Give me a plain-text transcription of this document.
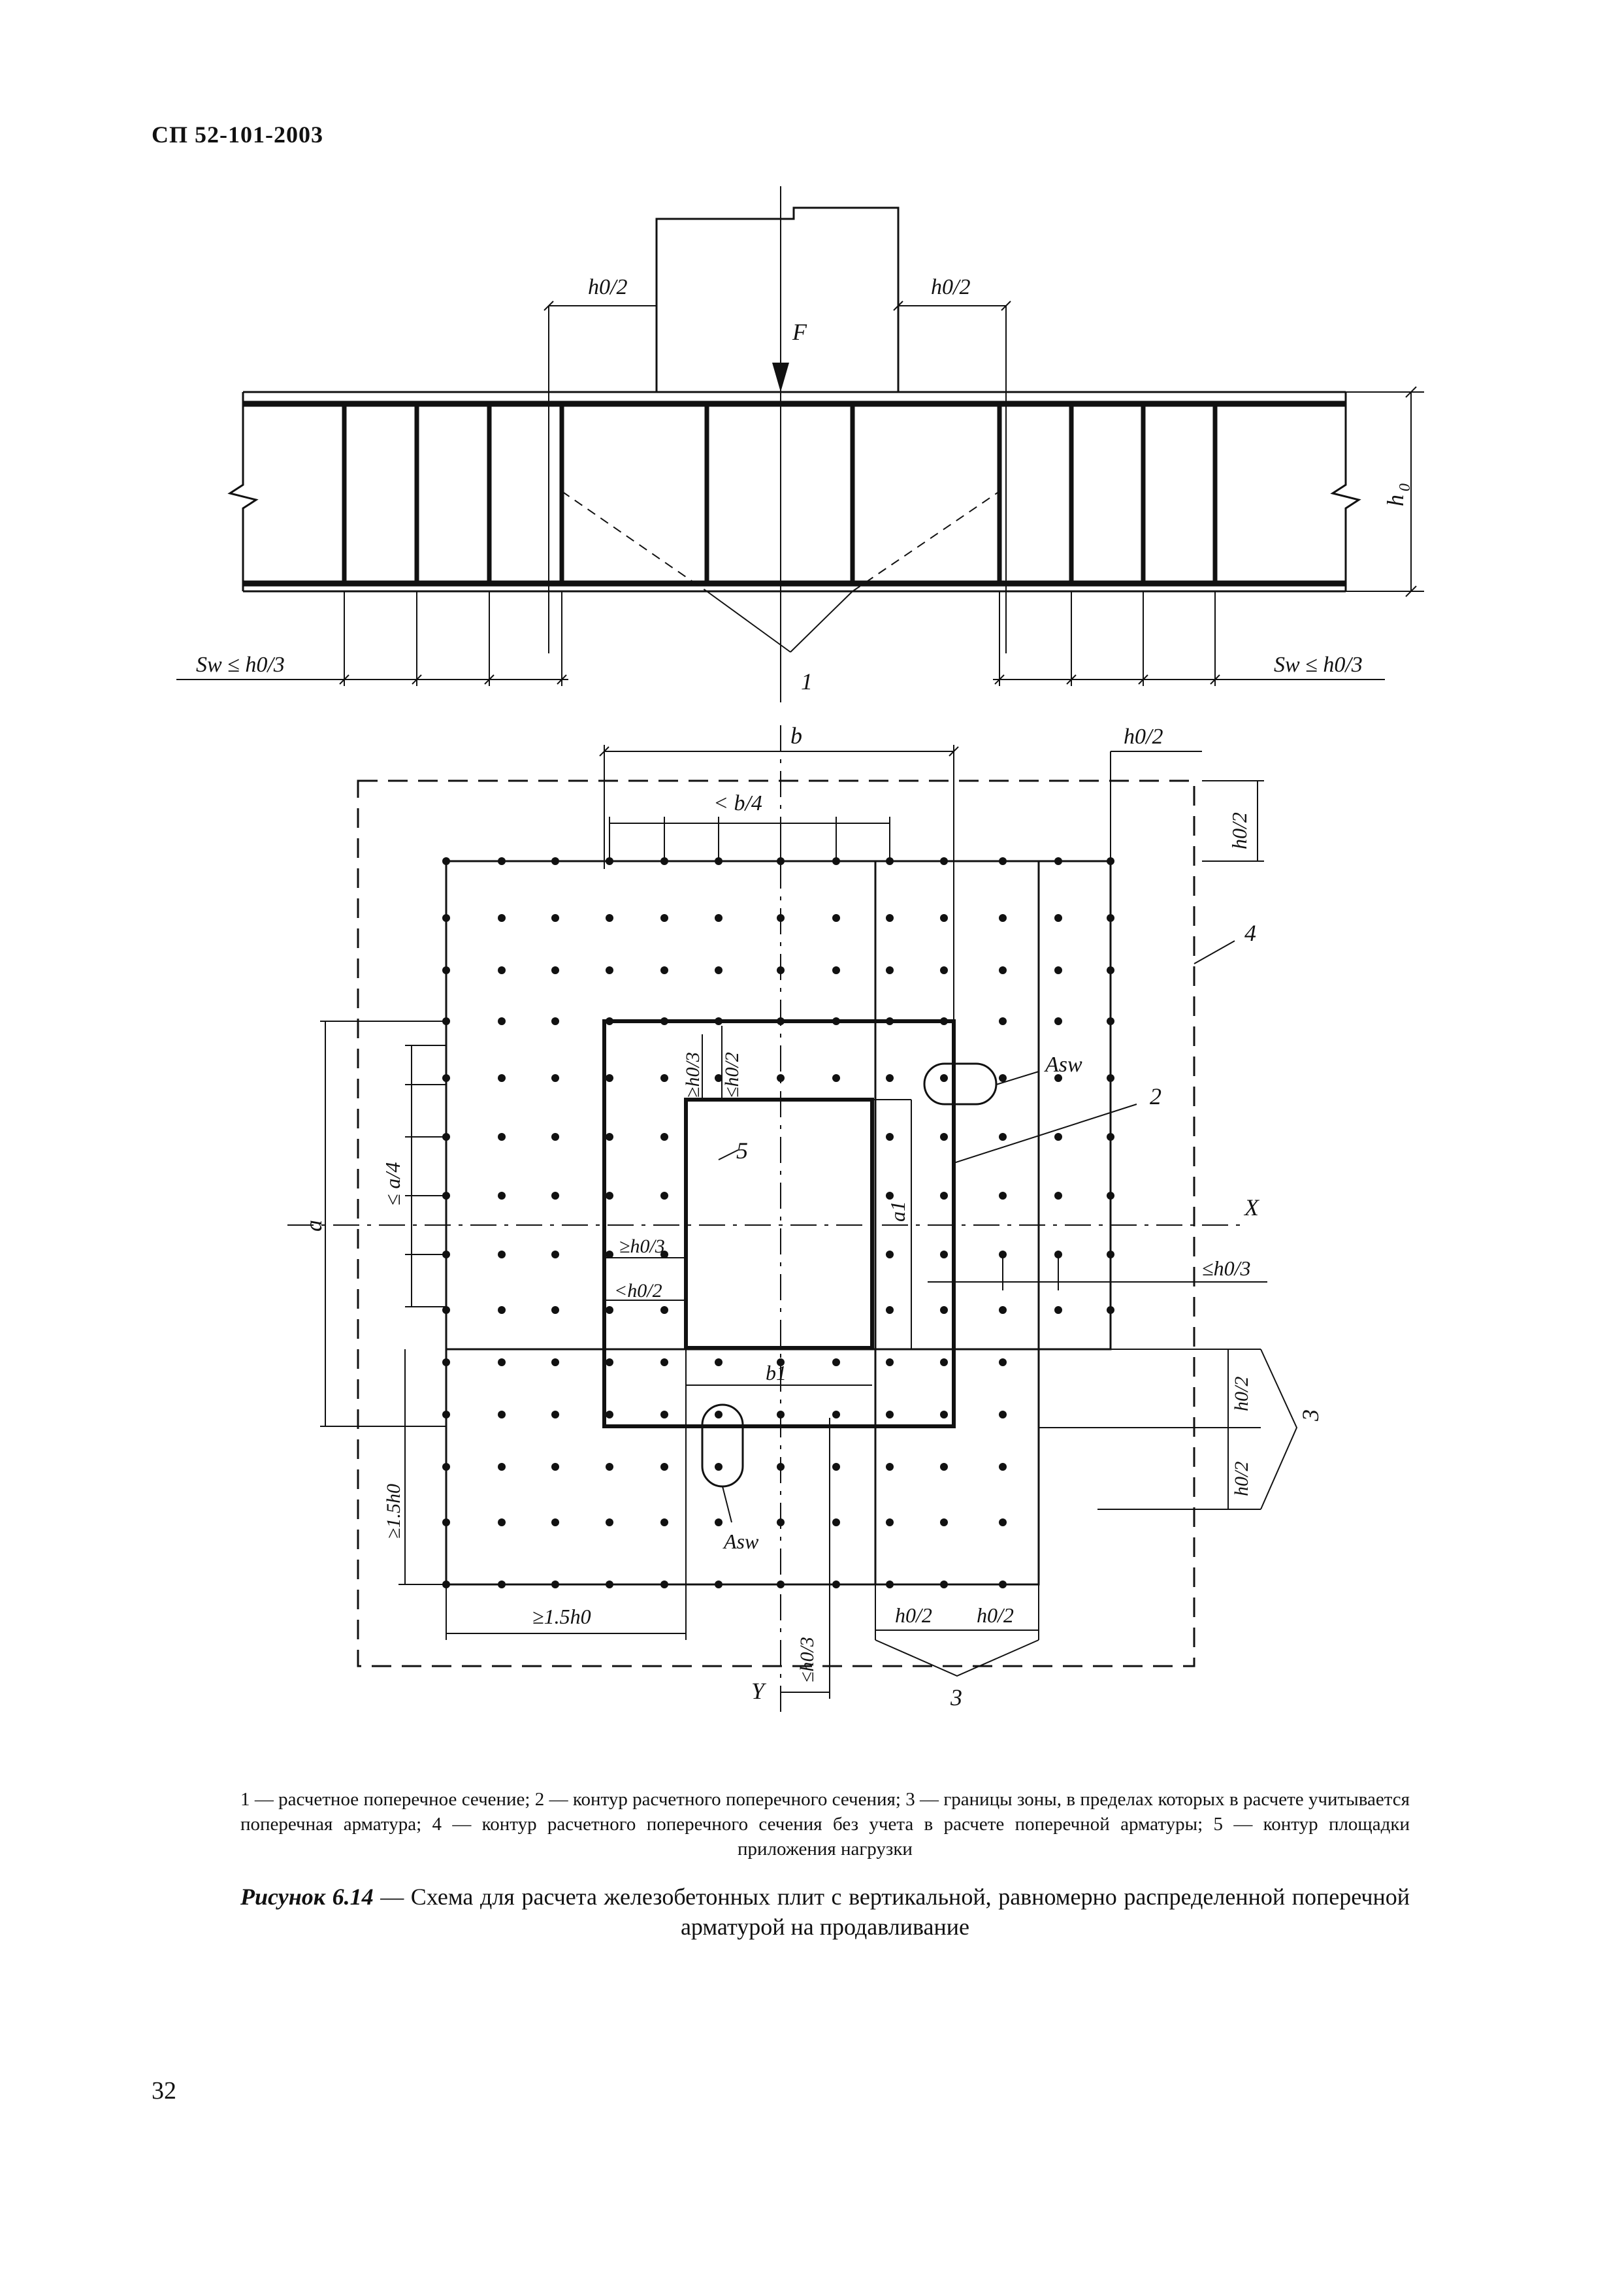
СП 52-101-2003
F
h0/2	h0/2
h
0
Sw ≤ h0/3	Sw ≤ h0/3
1
b
< b/4
h0/2
h0/2
4
2
5
Asw
Asw
X
Y
a
≤ a/4
a1
b1
≥h0/3 ≤h0/2
≥h0/3
<h0/2
≤h0/3
≥1.5h0
≥1.5h0	h0/2 h0/2
3
h0/2
h0/2
3
≤h0/3
1 — расчетное поперечное сечение; 2 — контур расчетного поперечного сечения; 3 — границы зоны, в пределах которых в расчете учитывается поперечная арматура; 4 — контур расчетного поперечного сечения без учета в расчете поперечной арматуры; 5 — контур площадки приложения нагрузки
Рисунок 6.14 — Схема для расчета железобетонных плит с вертикальной, равномерно распределенной поперечной арматурой на продавливание
32
